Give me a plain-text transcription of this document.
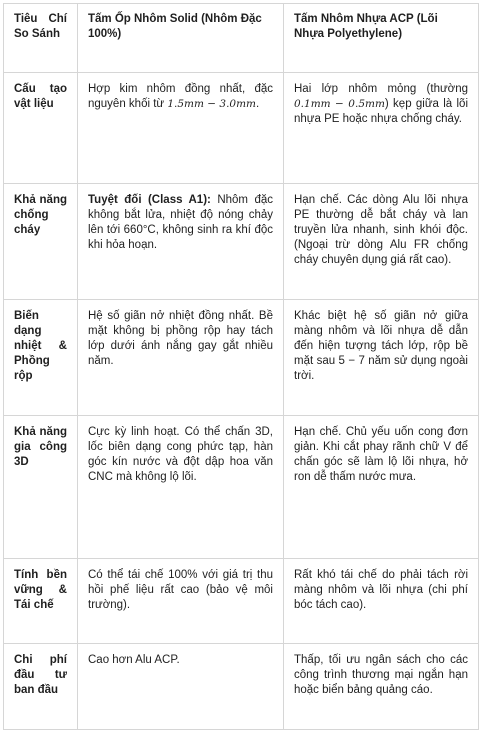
Tiêu Chí So Sánh	Tấm Ốp Nhôm Solid (Nhôm Đặc 100%)	Tấm Nhôm Nhựa ACP (Lõi Nhựa Polyethylene)
Cấu tạo vật liệu	Hợp kim nhôm đồng nhất, đặc nguyên khối từ 1.5mm − 3.0mm.	Hai lớp nhôm mỏng (thường 0.1mm − 0.5mm) kẹp giữa là lõi nhựa PE hoặc nhựa chống cháy.
Khả năng chống cháy	Tuyệt đối (Class A1): Nhôm đặc không bắt lửa, nhiệt độ nóng chảy lên tới 660°C, không sinh ra khí độc khi hỏa hoạn.	Hạn chế. Các dòng Alu lõi nhựa PE thường dễ bắt cháy và lan truyền lửa nhanh, sinh khói độc. (Ngoại trừ dòng Alu FR chống cháy chuyên dụng giá rất cao).
Biến dạng nhiệt & Phồng rộp	Hệ số giãn nở nhiệt đồng nhất. Bề mặt không bị phồng rộp hay tách lớp dưới ánh nắng gay gắt nhiều năm.	Khác biệt hệ số giãn nở giữa màng nhôm và lõi nhựa dễ dẫn đến hiện tượng tách lớp, rộp bề mặt sau 5 − 7 năm sử dụng ngoài trời.
Khả năng gia công 3D	Cực kỳ linh hoạt. Có thể chấn 3D, lốc biên dạng cong phức tạp, hàn góc kín nước và đột dập hoa văn CNC mà không lộ lõi.	Hạn chế. Chủ yếu uốn cong đơn giản. Khi cắt phay rãnh chữ V để chấn góc sẽ làm lộ lõi nhựa, hở ron dễ thấm nước mưa.
Tính bền vững & Tái chế	Có thể tái chế 100% với giá trị thu hồi phế liệu rất cao (bảo vệ môi trường).	Rất khó tái chế do phải tách rời màng nhôm và lõi nhựa (chi phí bóc tách cao).
Chi phí đầu tư ban đầu	Cao hơn Alu ACP.	Thấp, tối ưu ngân sách cho các công trình thương mại ngắn hạn hoặc biển bảng quảng cáo.
